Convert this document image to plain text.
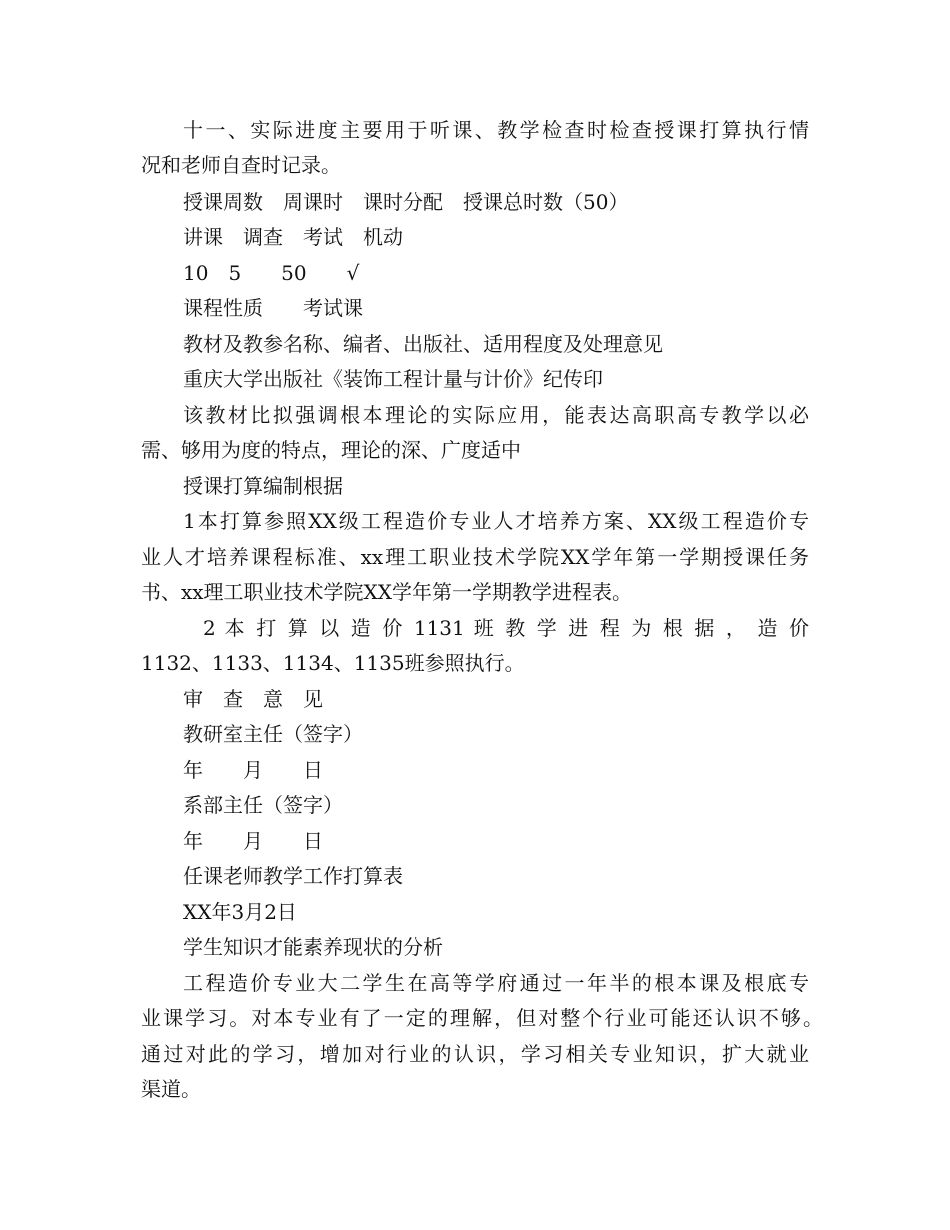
十一、实际进度主要用于听课、教学检查时检查授课打算执行情
况和老师自查时记录。
授课周数　周课时　课时分配　授课总时数（50）
讲课　调查　考试　机动
10　5　　50　　√
课程性质　　考试课
教材及教参名称、编者、出版社、适用程度及处理意见
重庆大学出版社《装饰工程计量与计价》纪传印
该教材比拟强调根本理论的实际应用，能表达高职高专教学以必
需、够用为度的特点，理论的深、广度适中
授课打算编制根据
1本打算参照XX级工程造价专业人才培养方案、XX级工程造价专
业人才培养课程标准、xx理工职业技术学院XX学年第一学期授课任务
书、xx理工职业技术学院XX学年第一学期教学进程表。
2 本 打 算 以 造 价 1131 班 教 学 进 程 为 根 据 ， 造 价
1132、1133、1134、1135班参照执行。
审　查　意　见
教研室主任（签字）
年　　月　　日
系部主任（签字）
年　　月　　日
任课老师教学工作打算表
XX年3月2日
学生知识才能素养现状的分析
工程造价专业大二学生在高等学府通过一年半的根本课及根底专
业课学习。对本专业有了一定的理解，但对整个行业可能还认识不够。
通过对此的学习，增加对行业的认识，学习相关专业知识，扩大就业
渠道。
